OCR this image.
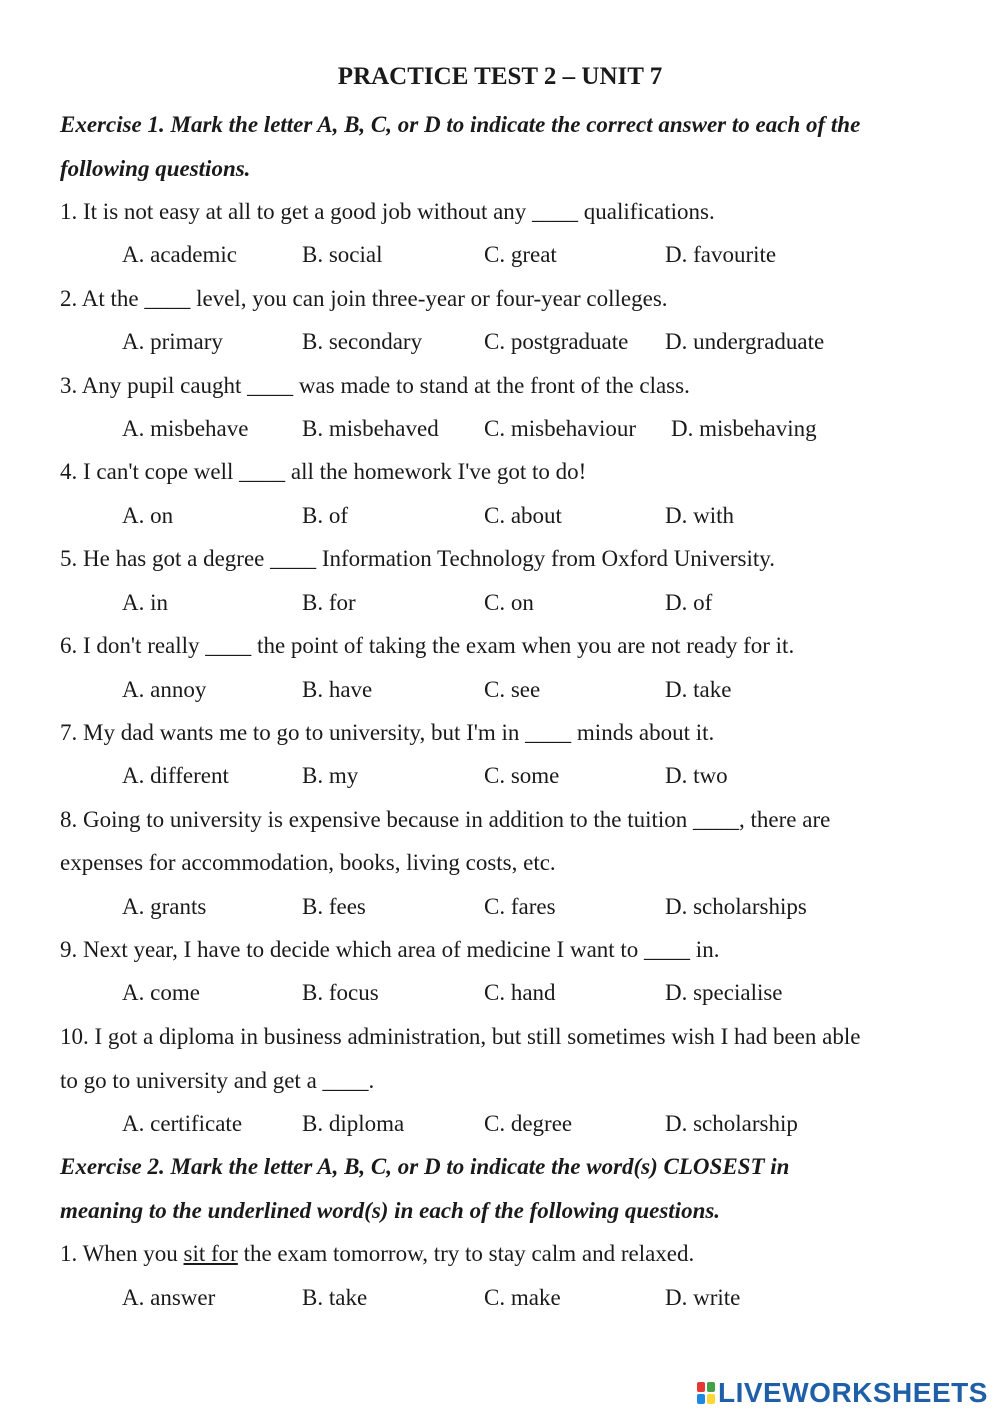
PRACTICE TEST 2 – UNIT 7
Exercise 1. Mark the letter A, B, C, or D to indicate the correct answer to each of the
following questions.
1. It is not easy at all to get a good job without any ____ qualifications.
A. academic	B. social	C. great	D. favourite
2. At the ____ level, you can join three-year or four-year colleges.
A. primary	B. secondary	C. postgraduate D. undergraduate
3. Any pupil caught ____ was made to stand at the front of the class.
A. misbehave B. misbehaved C. misbehaviour D. misbehaving
4. I can't cope well ____ all the homework I've got to do!
A. on	B. of	C. about	D. with
5. He has got a degree ____ Information Technology from Oxford University.
A. in	B. for	C. on	D. of
6. I don't really ____ the point of taking the exam when you are not ready for it.
A. annoy	B. have	C. see	D. take
7. My dad wants me to go to university, but I'm in ____ minds about it.
A. different	B. my	C. some	D. two
8. Going to university is expensive because in addition to the tuition ____, there are
expenses for accommodation, books, living costs, etc.
A. grants	B. fees	C. fares	D. scholarships
9. Next year, I have to decide which area of medicine I want to ____ in.
A. come	B. focus	C. hand	D. specialise
10. I got a diploma in business administration, but still sometimes wish I had been able
to go to university and get a ____.
A. certificate	B. diploma	C. degree	D. scholarship
Exercise 2. Mark the letter A, B, C, or D to indicate the word(s) CLOSEST in
meaning to the underlined word(s) in each of the following questions.
1. When you sit for the exam tomorrow, try to stay calm and relaxed.
A. answer	B. take	C. make	D. write
LIVEWORKSHEETS
